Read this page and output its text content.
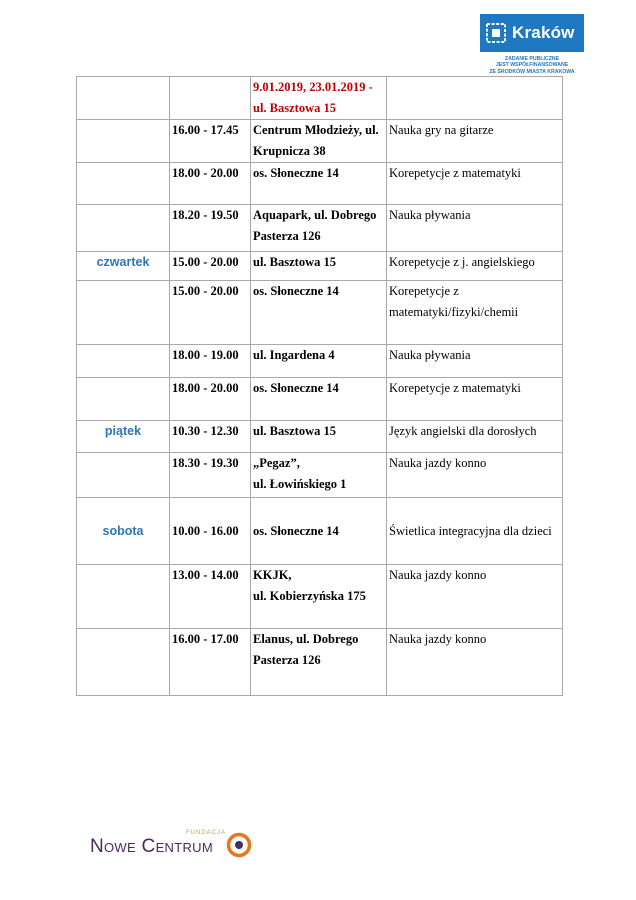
Kraków
ZADANIE PUBLICZNE
JEST WSPÓŁFINANSOWANE
ZE ŚRODKÓW MIASTA KRAKOWA

		9.01.2019, 23.01.2019 -
ul. Basztowa 15	

	16.00 - 17.45	Centrum Młodzieży, ul.
Krupnicza 38	Nauka gry na gitarze

	18.00 - 20.00	os. Słoneczne 14	Korepetycje z matematyki

	18.20 - 19.50	Aquapark, ul. Dobrego
Pasterza 126	Nauka pływania

czwartek	15.00 - 20.00	ul. Basztowa 15	Korepetycje z j. angielskiego

	15.00 - 20.00	os. Słoneczne 14	Korepetycje z
matematyki/fizyki/chemii

	18.00 - 19.00	ul. Ingardena 4	Nauka pływania

	18.00 - 20.00	os. Słoneczne 14	Korepetycje z matematyki

piątek	10.30 - 12.30	ul. Basztowa 15	Język angielski dla dorosłych

	18.30 - 19.30	„Pegaz”,
ul. Łowińskiego 1	Nauka jazdy konno

sobota	10.00 - 16.00	os. Słoneczne 14	Świetlica integracyjna dla dzieci

	13.00 - 14.00	KKJK,
ul. Kobierzyńska 175	Nauka jazdy konno

	16.00 - 17.00	Elanus, ul. Dobrego
Pasterza 126	Nauka jazdy konno
FUNDACJA
Nowe Centrum
